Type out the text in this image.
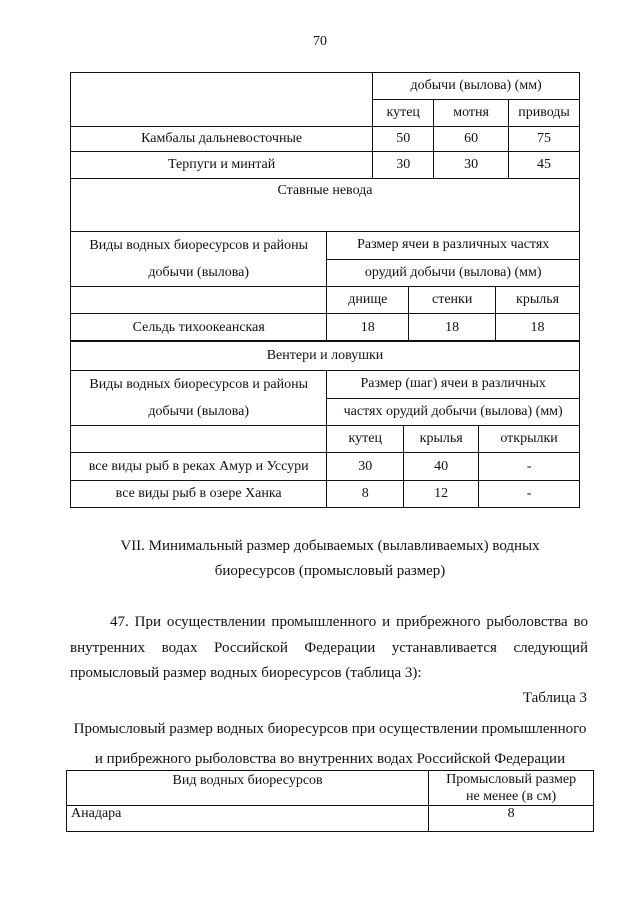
70
	добычи (вылова) (мм)		
	кутец	мотня	приводы
Камбалы дальневосточные	50	60	75
Терпуги и минтай	30	30	45
Ставные невода			

Виды водных биоресурсов и районы
добычи (вылова)	Размер ячеи в различных частях		
	орудий добычи (вылова) (мм)		
	днище	стенки	крылья
Сельдь тихоокеанская	18	18	18
Вентери и ловушки			

Виды водных биоресурсов и районы
добычи (вылова)	Размер (шаг) ячеи в различных		
	частях орудий добычи (вылова) (мм)		
	кутец	крылья	открылки
все виды рыб в реках Амур и Уссури	30	40	-
все виды рыб в озере Ханка	8	12	-
VII. Минимальный размер добываемых (вылавливаемых) водных
биоресурсов (промысловый размер)
47. При осуществлении промышленного и прибрежного рыболовства во
внутренних водах Российской Федерации устанавливается следующий
промысловый размер водных биоресурсов (таблица 3):
Таблица 3
Промысловый размер водных биоресурсов при осуществлении промышленного
и прибрежного рыболовства во внутренних водах Российской Федерации
Вид водных биоресурсов	Промысловый размер
не менее (в см)

Анадара	8
